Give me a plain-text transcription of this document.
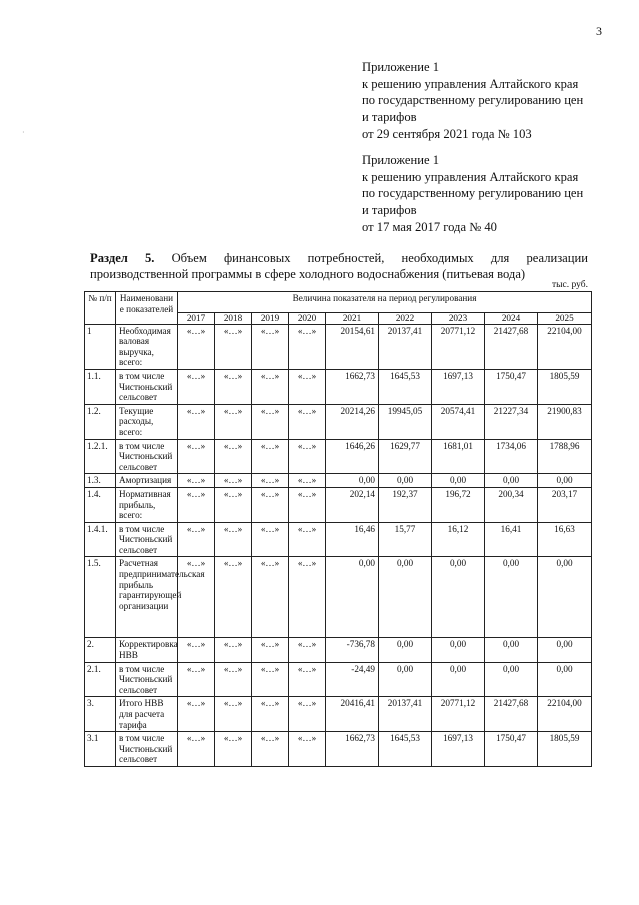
3
·
Приложение 1
к решению управления Алтайского края
по государственному регулированию цен
и тарифов
от 29 сентября 2021 года № 103
Приложение 1
к решению управления Алтайского края
по государственному регулированию цен
и тарифов
от 17 мая 2017 года № 40
Раздел 5. Объем финансовых потребностей, необходимых для реализации
производственной программы в сфере холодного водоснабжения (питьевая вода)
тыс. руб.
№ п/п	Наименовани е показателей	Величина показателя на период регулирования								
		2017	2018	2019	2020	2021	2022	2023	2024	2025
1	Необходимая валовая выручка, всего:	«…»	«…»	«…»	«…»	20154,61	20137,41	20771,12	21427,68	22104,00
1.1.	в том числе Чистюньский сельсовет	«…»	«…»	«…»	«…»	1662,73	1645,53	1697,13	1750,47	1805,59
1.2.	Текущие расходы, всего:	«…»	«…»	«…»	«…»	20214,26	19945,05	20574,41	21227,34	21900,83
1.2.1.	в том числе Чистюньский сельсовет	«…»	«…»	«…»	«…»	1646,26	1629,77	1681,01	1734,06	1788,96
1.3.	Амортизация	«…»	«…»	«…»	«…»	0,00	0,00	0,00	0,00	0,00
1.4.	Нормативная прибыль, всего:	«…»	«…»	«…»	«…»	202,14	192,37	196,72	200,34	203,17
1.4.1.	в том числе Чистюньский сельсовет	«…»	«…»	«…»	«…»	16,46	15,77	16,12	16,41	16,63
1.5.	Расчетная предпринимательская прибыль гарантирующей организации	«…»	«…»	«…»	«…»	0,00	0,00	0,00	0,00	0,00
2.	Корректировка НВВ	«…»	«…»	«…»	«…»	-736,78	0,00	0,00	0,00	0,00
2.1.	в том числе Чистюньский сельсовет	«…»	«…»	«…»	«…»	-24,49	0,00	0,00	0,00	0,00
3.	Итого НВВ для расчета тарифа	«…»	«…»	«…»	«…»	20416,41	20137,41	20771,12	21427,68	22104,00
3.1	в том числе Чистюньский сельсовет	«…»	«…»	«…»	«…»	1662,73	1645,53	1697,13	1750,47	1805,59
